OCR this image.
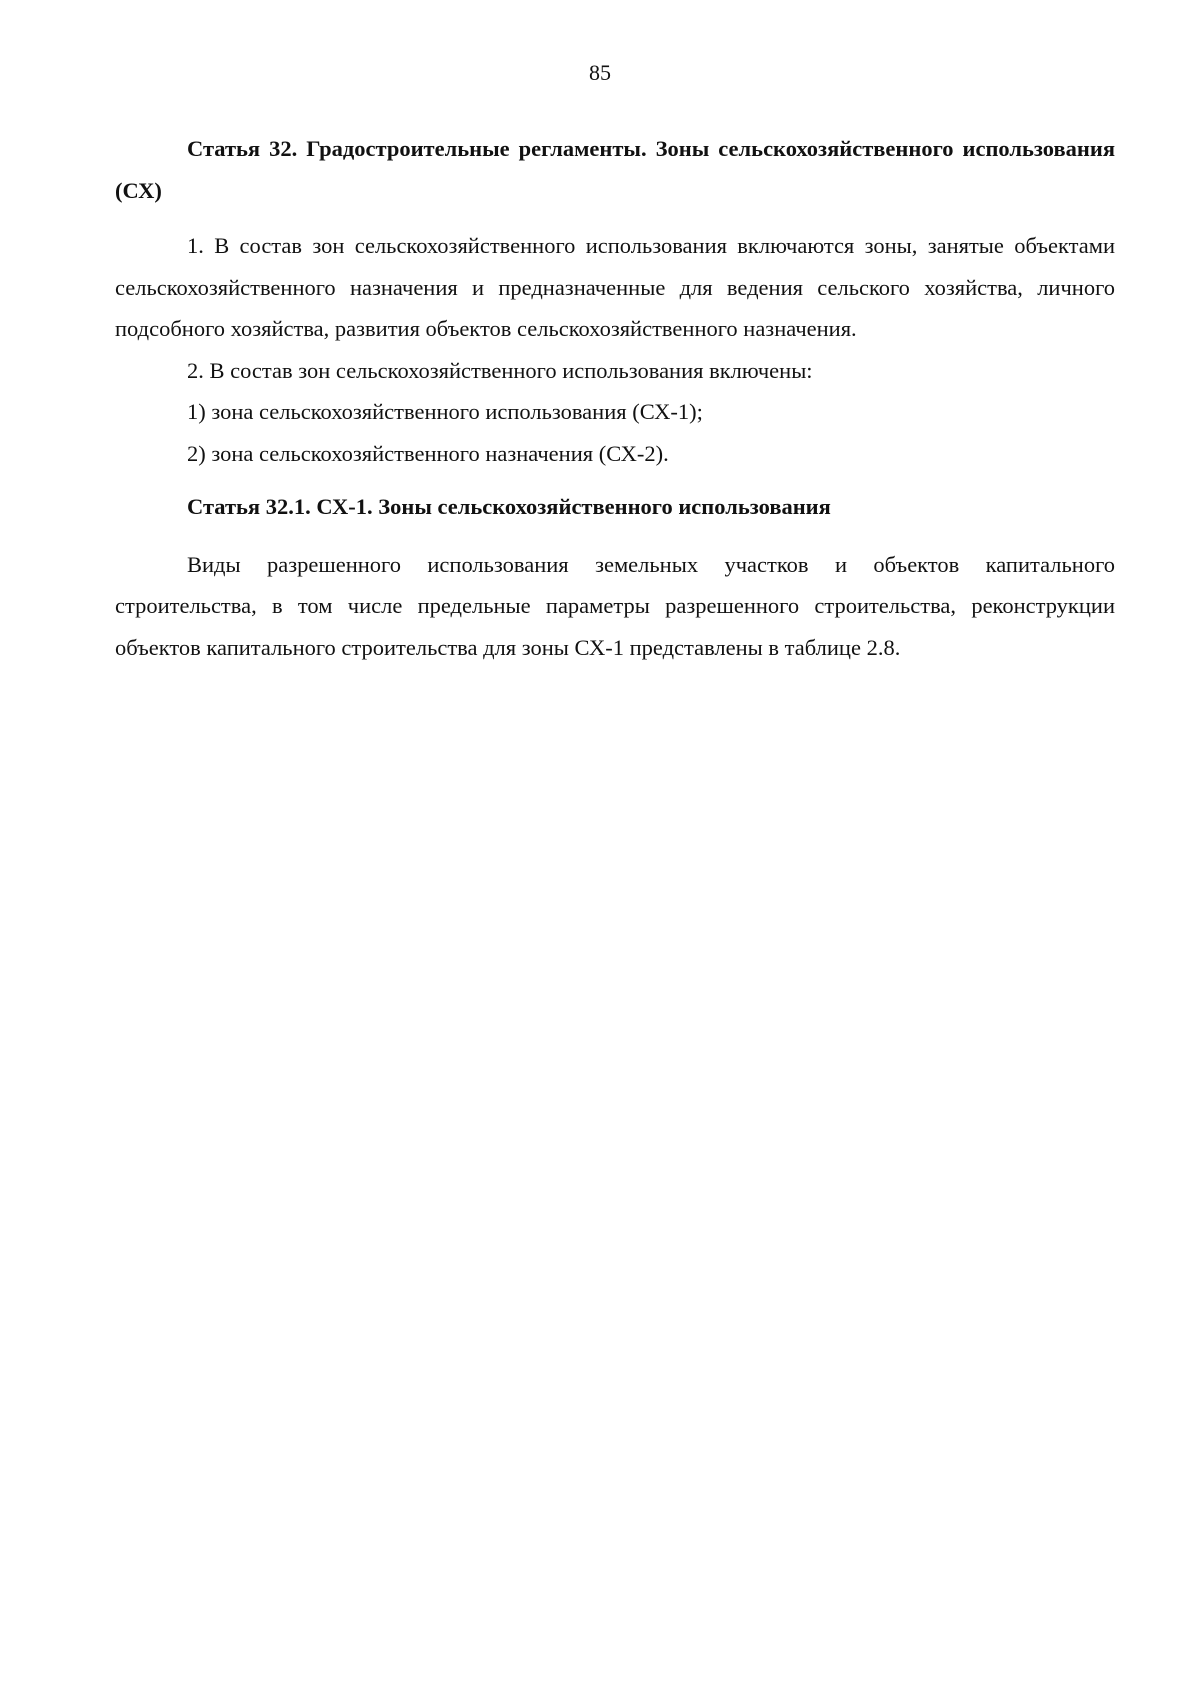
85

Статья 32. Градостроительные регламенты. Зоны сельскохозяйственного использования (СХ)

1. В состав зон сельскохозяйственного использования включаются зоны, занятые объектами сельскохозяйственного назначения и предназначенные для ведения сельского хозяйства, личного подсобного хозяйства, развития объектов сельскохозяйственного назначения.

2. В состав зон сельскохозяйственного использования включены:

1) зона сельскохозяйственного использования (СХ-1);

2) зона сельскохозяйственного назначения (СХ-2).

Статья 32.1. СХ-1. Зоны сельскохозяйственного использования

Виды разрешенного использования земельных участков и объектов капитального строительства, в том числе предельные параметры разрешенного строительства, реконструкции объектов капитального строительства для зоны СХ-1 представлены в таблице 2.8.
